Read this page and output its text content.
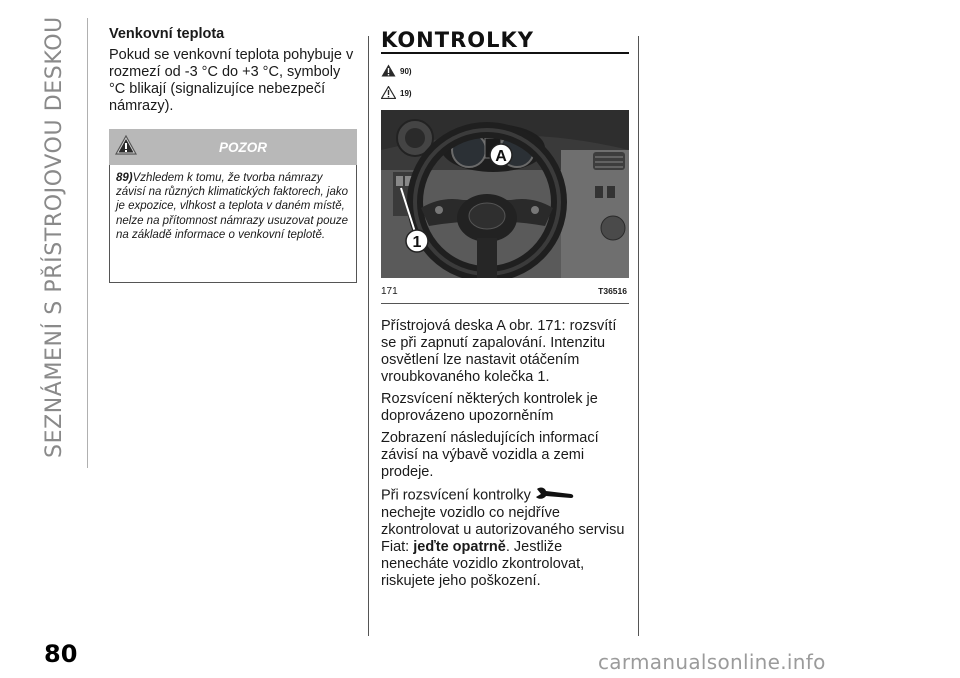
SEZNÁMENÍ S PŘÍSTROJOVOU DESKOU
80
Venkovní teplota

Pokud se venkovní teplota pohybuje v rozmezí od -3 °C do +3 °C, symboly °C blikají (signalizujíce nebezpečí námrazy).

POZOR

89)Vzhledem k tomu, že tvorba námrazy závisí na různých klimatických faktorech, jako je expozice, vlhkost a teplota v daném místě, nelze na přítomnost námrazy usuzovat pouze na základě informace o venkovní teplotě.

KONTROLKY
90)
19)
A
1
171	T36516

Přístrojová deska A obr. 171: rozsvítí se při zapnutí zapalování. Intenzitu osvětlení lze nastavit otáčením vroubkovaného kolečka 1.

Rozsvícení některých kontrolek je doprovázeno upozorněním

Zobrazení následujících informací závisí na výbavě vozidla a zemi prodeje.

Při rozsvícení kontrolkynechejte vozidlo co nejdříve zkontrolovat u autorizovaného servisu Fiat: jeďte opatrně. Jestliže nenecháte vozidlo zkontrolovat, riskujete jeho poškození.

carmanualsonline.info
